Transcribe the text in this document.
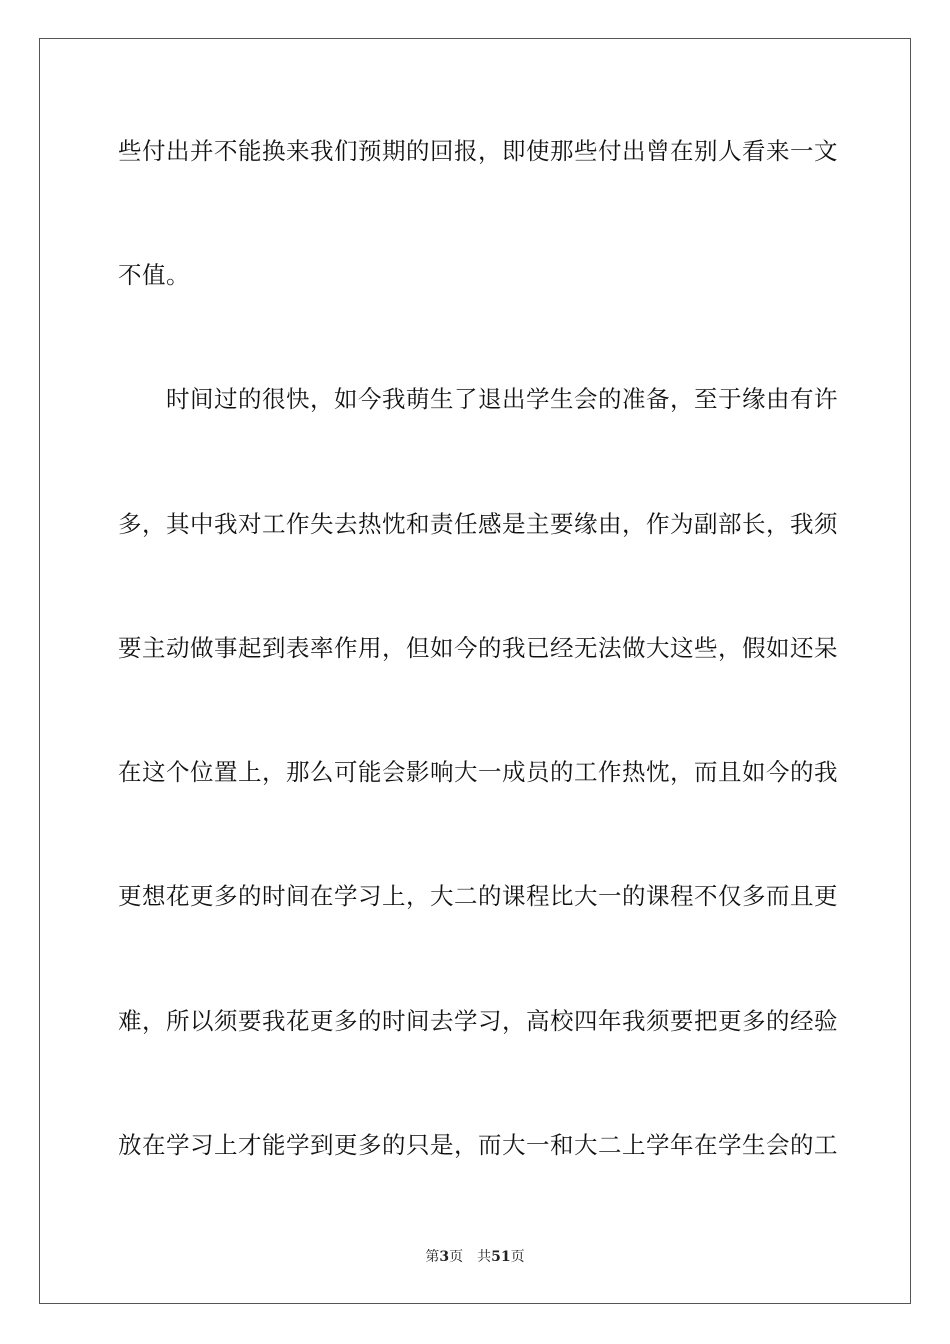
些付出并不能换来我们预期的回报，即使那些付出曾在别人看来一文
不值。
时间过的很快，如今我萌生了退出学生会的准备，至于缘由有许
多，其中我对工作失去热忱和责任感是主要缘由，作为副部长，我须
要主动做事起到表率作用，但如今的我已经无法做大这些，假如还呆
在这个位置上，那么可能会影响大一成员的工作热忱，而且如今的我
更想花更多的时间在学习上，大二的课程比大一的课程不仅多而且更
难，所以须要我花更多的时间去学习，高校四年我须要把更多的经验
放在学习上才能学到更多的只是，而大一和大二上学年在学生会的工
第3页 共51页
